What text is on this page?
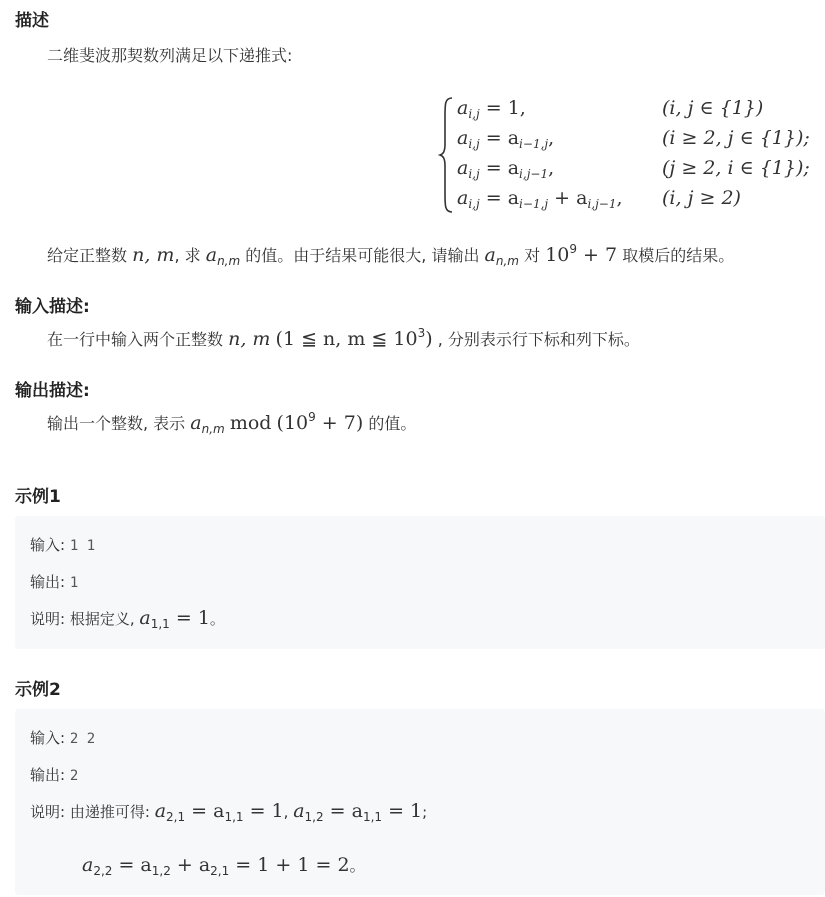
描述
二维斐波那契数列满足以下递推式:
$a_{i,j} = 1$,	(i, j ∈ {1})
$a_{i,j} = a_{i-1,j}$,	(i ≥ 2, j ∈ {1});
$a_{i,j} = a_{i,j-1}$,	(j ≥ 2, i ∈ {1});
$a_{i,j} = a_{i-1,j} + a_{i,j-1}$, (i, j ≥ 2)
给定正整数 n, m, 求 $a_{n,m}$ 的值。由于结果可能很大, 请输出 $a_{n,m}$ 对 $10^9 + 7$ 取模后的结果。
输入描述:
在一行中输入两个正整数 n, m (1 ≦ n, m ≦ $10^3$) , 分别表示行下标和列下标。
输出描述:
输出一个整数, 表示 $a_{n,m}$ mod $(10^9 + 7)$ 的值。
示例1
输入: 1 1
输出: 1
说明: 根据定义, $a_{1,1} = 1$。
示例2
输入: 2 2
输出: 2
说明: 由递推可得: $a_{2,1} = a_{1,1} = 1$, $a_{1,2} = a_{1,1} = 1$;
$a_{2,2} = a_{1,2} + a_{2,1} = 1 + 1 = 2$。
